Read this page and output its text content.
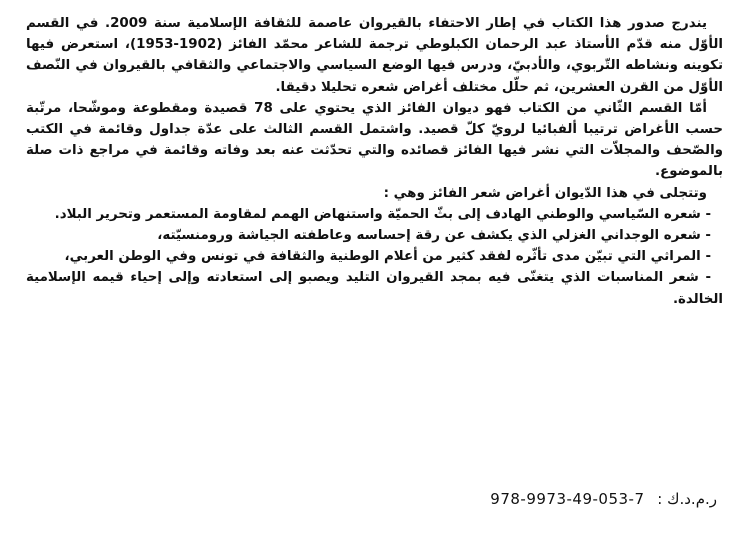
يندرج صدور هذا الكتاب في إطار الاحتفاء بالقيروان عاصمة للثقافة الإسلامية سنة 2009. في القسم الأوّل منه قدّم الأستاذ عبد الرحمان الكبلوطي ترجمة للشاعر محمّد الفائز (1902-1953)، استعرض فيها تكوينه ونشاطه التّربوي، والأدبيّ، ودرس فيها الوضع السياسي والاجتماعي والثقافي بالقيروان في النّصف الأوّل من القرن العشرين، ثم حلّل مختلف أغراض شعره تحليلا دقيقا.

أمّا القسم الثّاني من الكتاب فهو ديوان الفائز الذي يحتوي على 78 قصيدة ومقطوعة وموشّحا، مرتّبة حسب الأغراض ترتيبا ألفبائيا لرويّ كلّ قصيد. واشتمل القسم الثالث على عدّة جداول وقائمة في الكتب والصّحف والمجلاّت التي نشر فيها الفائز قصائده والتي تحدّثت عنه بعد وفاته وقائمة في مراجع ذات صلة بالموضوع.

وتتجلى في هذا الدّيوان أغراض شعر الفائز وهي :

- شعره السّياسي والوطني الهادف إلى بثّ الحميّة واستنهاض الهمم لمقاومة المستعمر وتحرير البلاد.

- شعره الوجداني الغزلي الذي يكشف عن رقة إحساسه وعاطفته الجياشة ورومنسيّته،

- المراثي التي تبيّن مدى تأثّره لفقد كثير من أعلام الوطنية والثقافة في تونس وفي الوطن العربي،

- شعر المناسبات الذي يتغنّى فيه بمجد القيروان التليد ويصبو إلى استعادته وإلى إحياء قيمه الإسلامية الخالدة.

ر.م.د.ك : 978-9973-49-053-7
